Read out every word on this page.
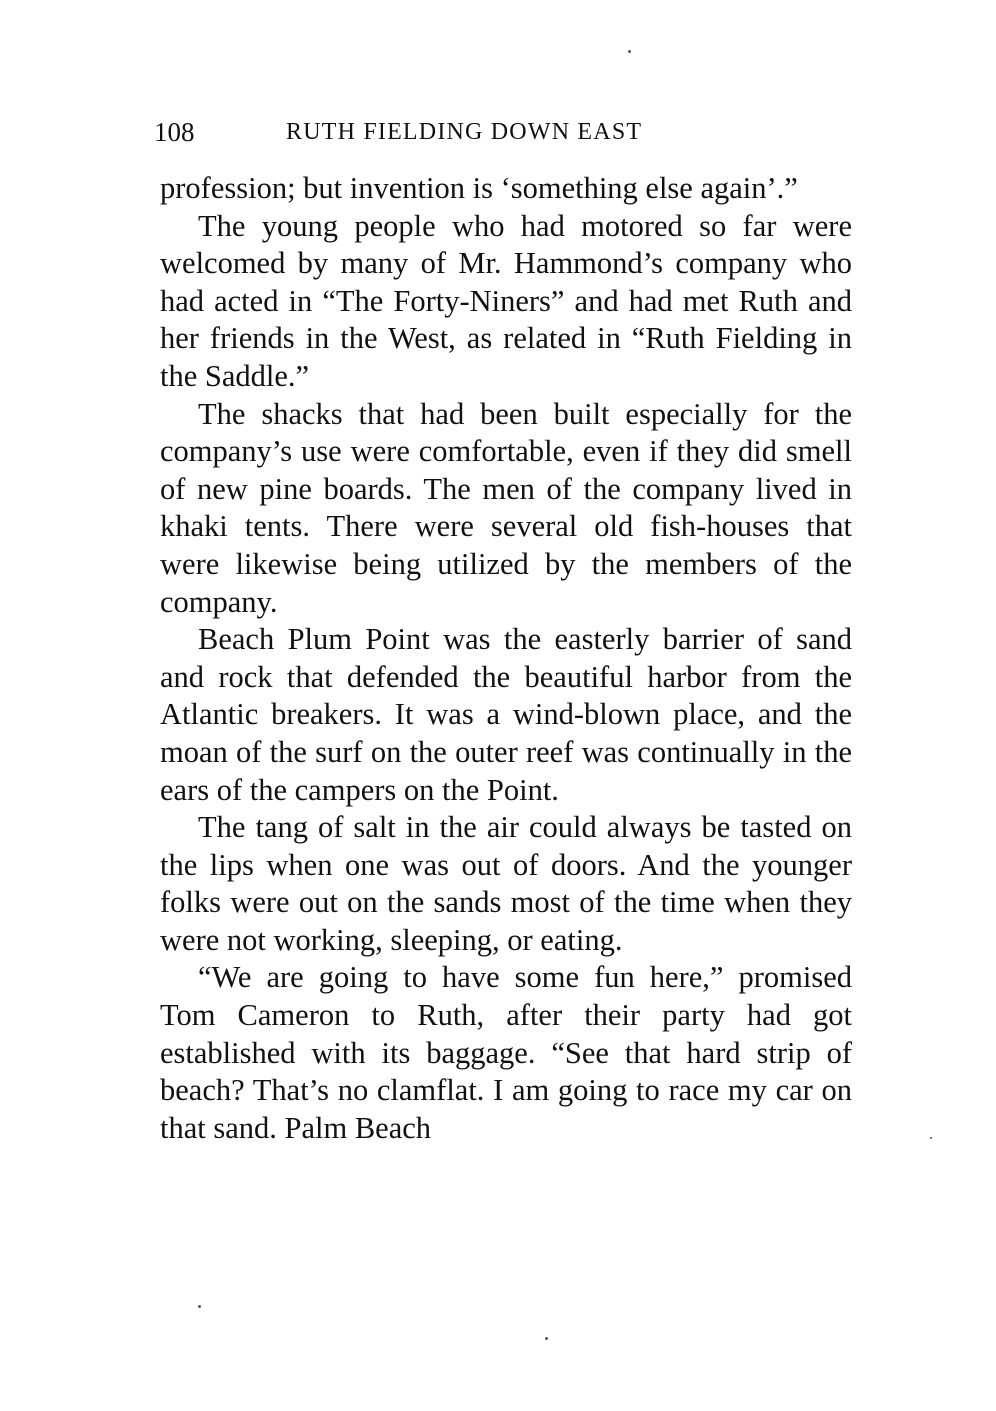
108	RUTH FIELDING DOWN EAST

profession; but invention is ‘something else again’.”

The young people who had motored so far were welcomed by many of Mr. Hammond’s company who had acted in “The Forty-Niners” and had met Ruth and her friends in the West, as related in “Ruth Fielding in the Saddle.”

The shacks that had been built especially for the company’s use were comfortable, even if they did smell of new pine boards. The men of the company lived in khaki tents. There were several old fish-houses that were likewise being utilized by the members of the company.

Beach Plum Point was the easterly barrier of sand and rock that defended the beautiful harbor from the Atlantic breakers. It was a wind-blown place, and the moan of the surf on the outer reef was continually in the ears of the campers on the Point.

The tang of salt in the air could always be tasted on the lips when one was out of doors. And the younger folks were out on the sands most of the time when they were not working, sleeping, or eating.

“We are going to have some fun here,” promised Tom Cameron to Ruth, after their party had got established with its baggage. “See that hard strip of beach? That’s no clamflat. I am going to race my car on that sand. Palm Beach
